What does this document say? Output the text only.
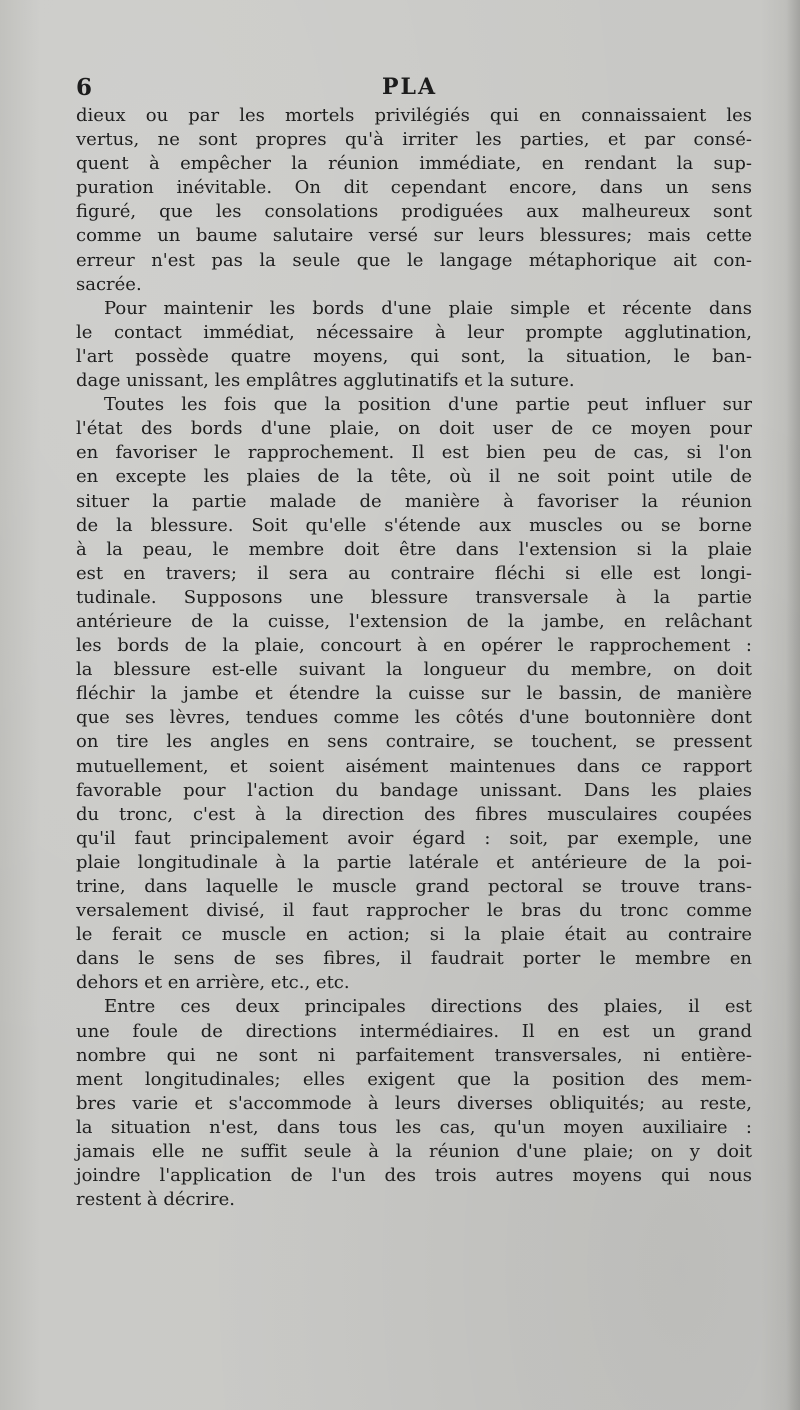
6	PLA
dieux ou par les mortels privilégiés qui en connaissaient les
vertus, ne sont propres qu'à irriter les parties, et par consé-
quent à empêcher la réunion immédiate, en rendant la sup-
puration inévitable. On dit cependant encore, dans un sens
figuré, que les consolations prodiguées aux malheureux sont
comme un baume salutaire versé sur leurs blessures; mais cette
erreur n'est pas la seule que le langage métaphorique ait con-
sacrée.
Pour maintenir les bords d'une plaie simple et récente dans
le contact immédiat, nécessaire à leur prompte agglutination,
l'art possède quatre moyens, qui sont, la situation, le ban-
dage unissant, les emplâtres agglutinatifs et la suture.
Toutes les fois que la position d'une partie peut influer sur
l'état des bords d'une plaie, on doit user de ce moyen pour
en favoriser le rapprochement. Il est bien peu de cas, si l'on
en excepte les plaies de la tête, où il ne soit point utile de
situer la partie malade de manière à favoriser la réunion
de la blessure. Soit qu'elle s'étende aux muscles ou se borne
à la peau, le membre doit être dans l'extension si la plaie
est en travers; il sera au contraire fléchi si elle est longi-
tudinale. Supposons une blessure transversale à la partie
antérieure de la cuisse, l'extension de la jambe, en relâchant
les bords de la plaie, concourt à en opérer le rapprochement :
la blessure est-elle suivant la longueur du membre, on doit
fléchir la jambe et étendre la cuisse sur le bassin, de manière
que ses lèvres, tendues comme les côtés d'une boutonnière dont
on tire les angles en sens contraire, se touchent, se pressent
mutuellement, et soient aisément maintenues dans ce rapport
favorable pour l'action du bandage unissant. Dans les plaies
du tronc, c'est à la direction des fibres musculaires coupées
qu'il faut principalement avoir égard : soit, par exemple, une
plaie longitudinale à la partie latérale et antérieure de la poi-
trine, dans laquelle le muscle grand pectoral se trouve trans-
versalement divisé, il faut rapprocher le bras du tronc comme
le ferait ce muscle en action; si la plaie était au contraire
dans le sens de ses fibres, il faudrait porter le membre en
dehors et en arrière, etc., etc.
Entre ces deux principales directions des plaies, il est
une foule de directions intermédiaires. Il en est un grand
nombre qui ne sont ni parfaitement transversales, ni entière-
ment longitudinales; elles exigent que la position des mem-
bres varie et s'accommode à leurs diverses obliquités; au reste,
la situation n'est, dans tous les cas, qu'un moyen auxiliaire :
jamais elle ne suffit seule à la réunion d'une plaie; on y doit
joindre l'application de l'un des trois autres moyens qui nous
restent à décrire.
